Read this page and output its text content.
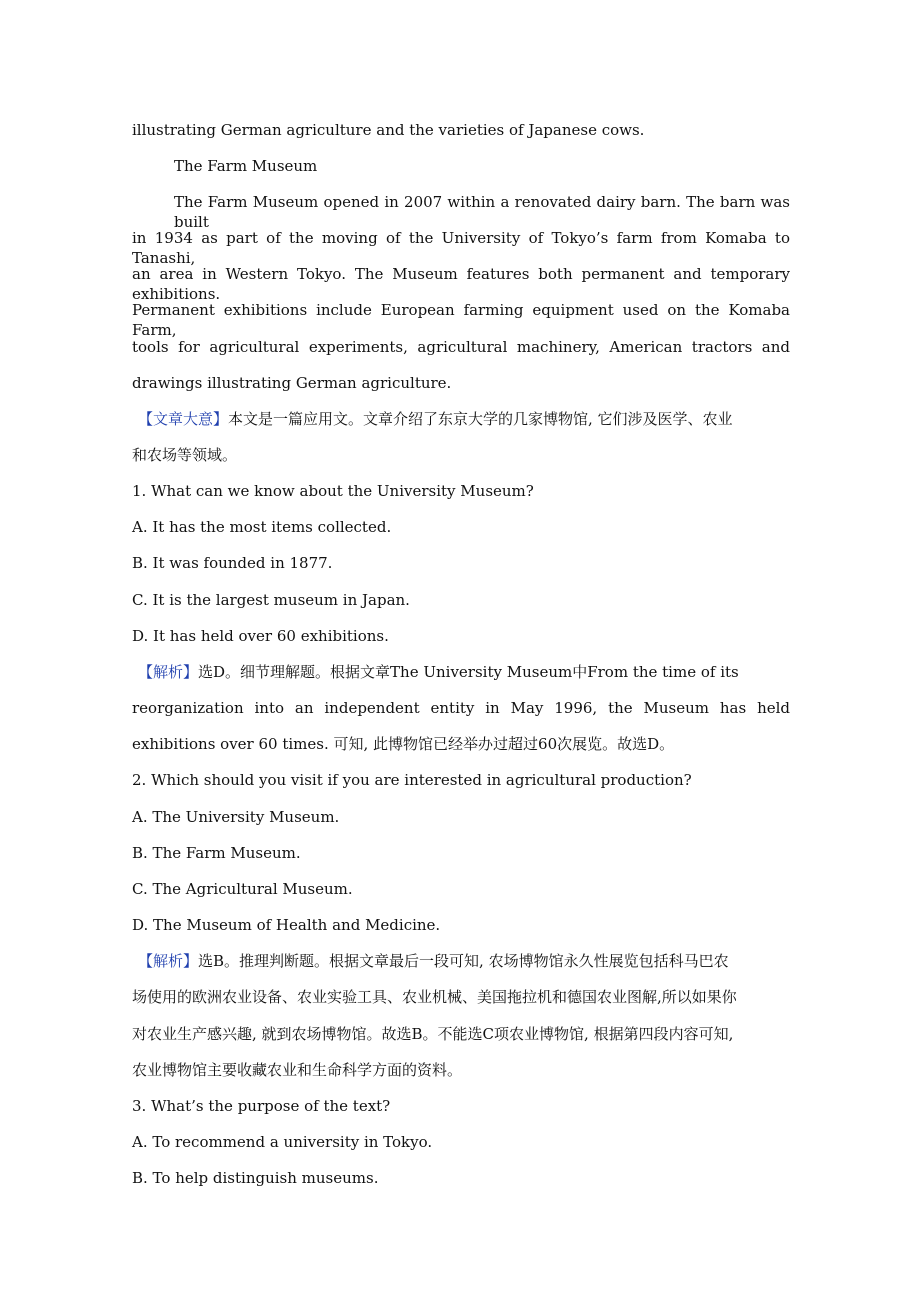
illustrating German agriculture and the varieties of Japanese cows.
The Farm Museum
The Farm Museum opened in 2007 within a renovated dairy barn. The barn was built
in 1934 as part of the moving of the University of Tokyo’s farm from Komaba to Tanashi,
an area in Western Tokyo. The Museum features both permanent and temporary exhibitions.
Permanent exhibitions include European farming equipment used on the Komaba Farm,
tools for agricultural experiments, agricultural machinery, American tractors and
drawings illustrating German agriculture.
【文章大意】本文是一篇应用文。文章介绍了东京大学的几家博物馆, 它们涉及医学、农业
和农场等领域。
1. What can we know about the University Museum?
A. It has the most items collected.
B. It was founded in 1877.
C. It is the largest museum in Japan.
D. It has held over 60 exhibitions.
【解析】选D。细节理解题。根据文章The University Museum中From the time of its
reorganization into an independent entity in May 1996, the Museum has held
exhibitions over 60 times. 可知, 此博物馆已经举办过超过60次展览。故选D。
2. Which should you visit if you are interested in agricultural production?
A. The University Museum.
B. The Farm Museum.
C. The Agricultural Museum.
D. The Museum of Health and Medicine.
【解析】选B。推理判断题。根据文章最后一段可知, 农场博物馆永久性展览包括科马巴农
场使用的欧洲农业设备、农业实验工具、农业机械、美国拖拉机和德国农业图解,所以如果你
对农业生产感兴趣, 就到农场博物馆。故选B。不能选C项农业博物馆, 根据第四段内容可知,
农业博物馆主要收藏农业和生命科学方面的资料。
3. What’s the purpose of the text?
A. To recommend a university in Tokyo.
B. To help distinguish museums.
